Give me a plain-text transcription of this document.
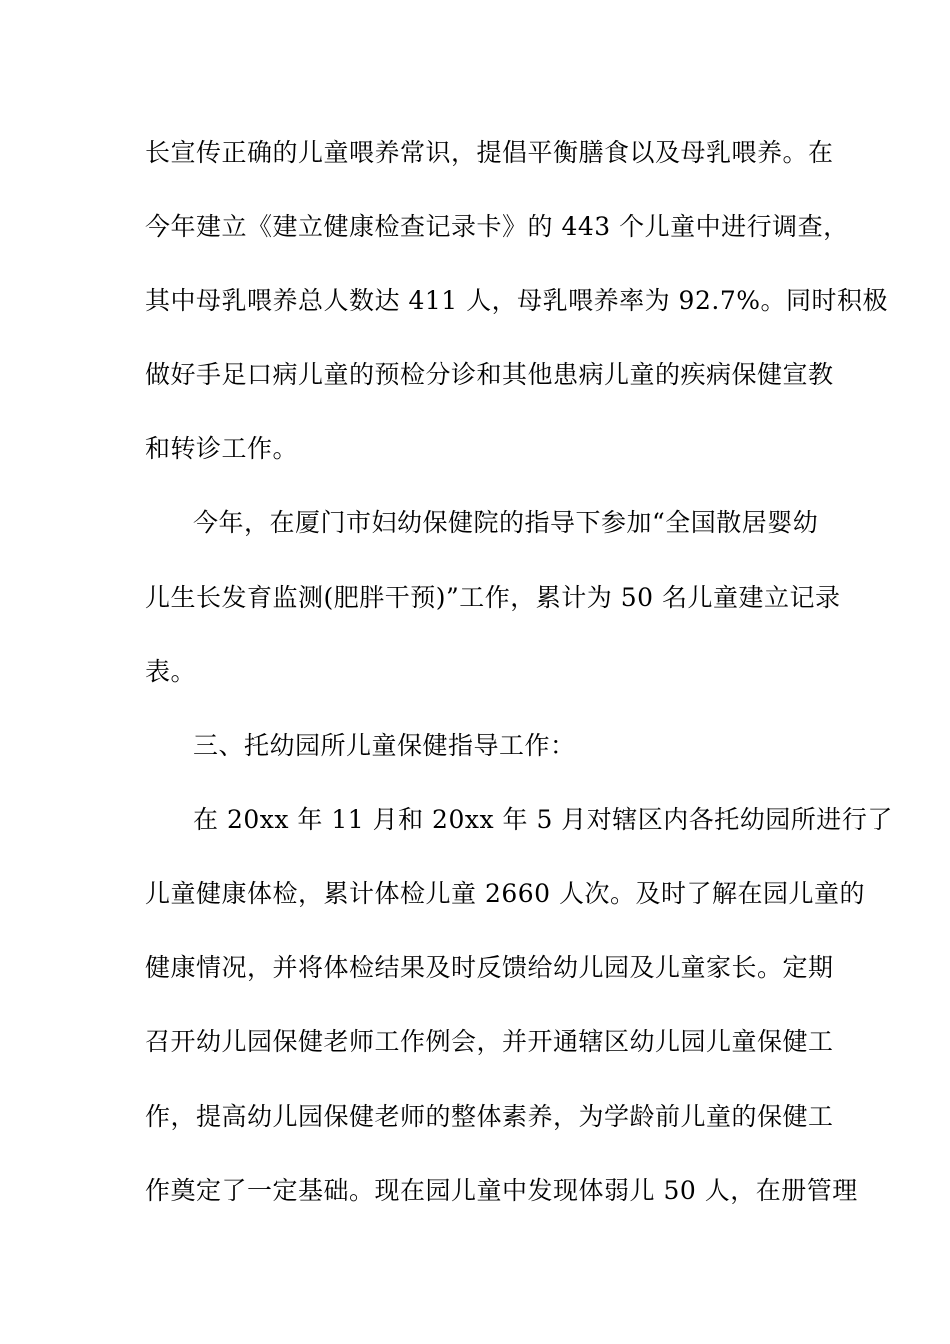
长宣传正确的儿童喂养常识，提倡平衡膳食以及母乳喂养。在
今年建立《建立健康检查记录卡》的 443 个儿童中进行调查，
其中母乳喂养总人数达 411 人，母乳喂养率为 92.7%。同时积极
做好手足口病儿童的预检分诊和其他患病儿童的疾病保健宣教
和转诊工作。
今年，在厦门市妇幼保健院的指导下参加“全国散居婴幼
儿生长发育监测(肥胖干预)”工作，累计为 50 名儿童建立记录
表。
三、托幼园所儿童保健指导工作：
在 20xx 年 11 月和 20xx 年 5 月对辖区内各托幼园所进行了
儿童健康体检，累计体检儿童 2660 人次。及时了解在园儿童的
健康情况，并将体检结果及时反馈给幼儿园及儿童家长。定期
召开幼儿园保健老师工作例会，并开通辖区幼儿园儿童保健工
作，提高幼儿园保健老师的整体素养，为学龄前儿童的保健工
作奠定了一定基础。现在园儿童中发现体弱儿 50 人，在册管理
